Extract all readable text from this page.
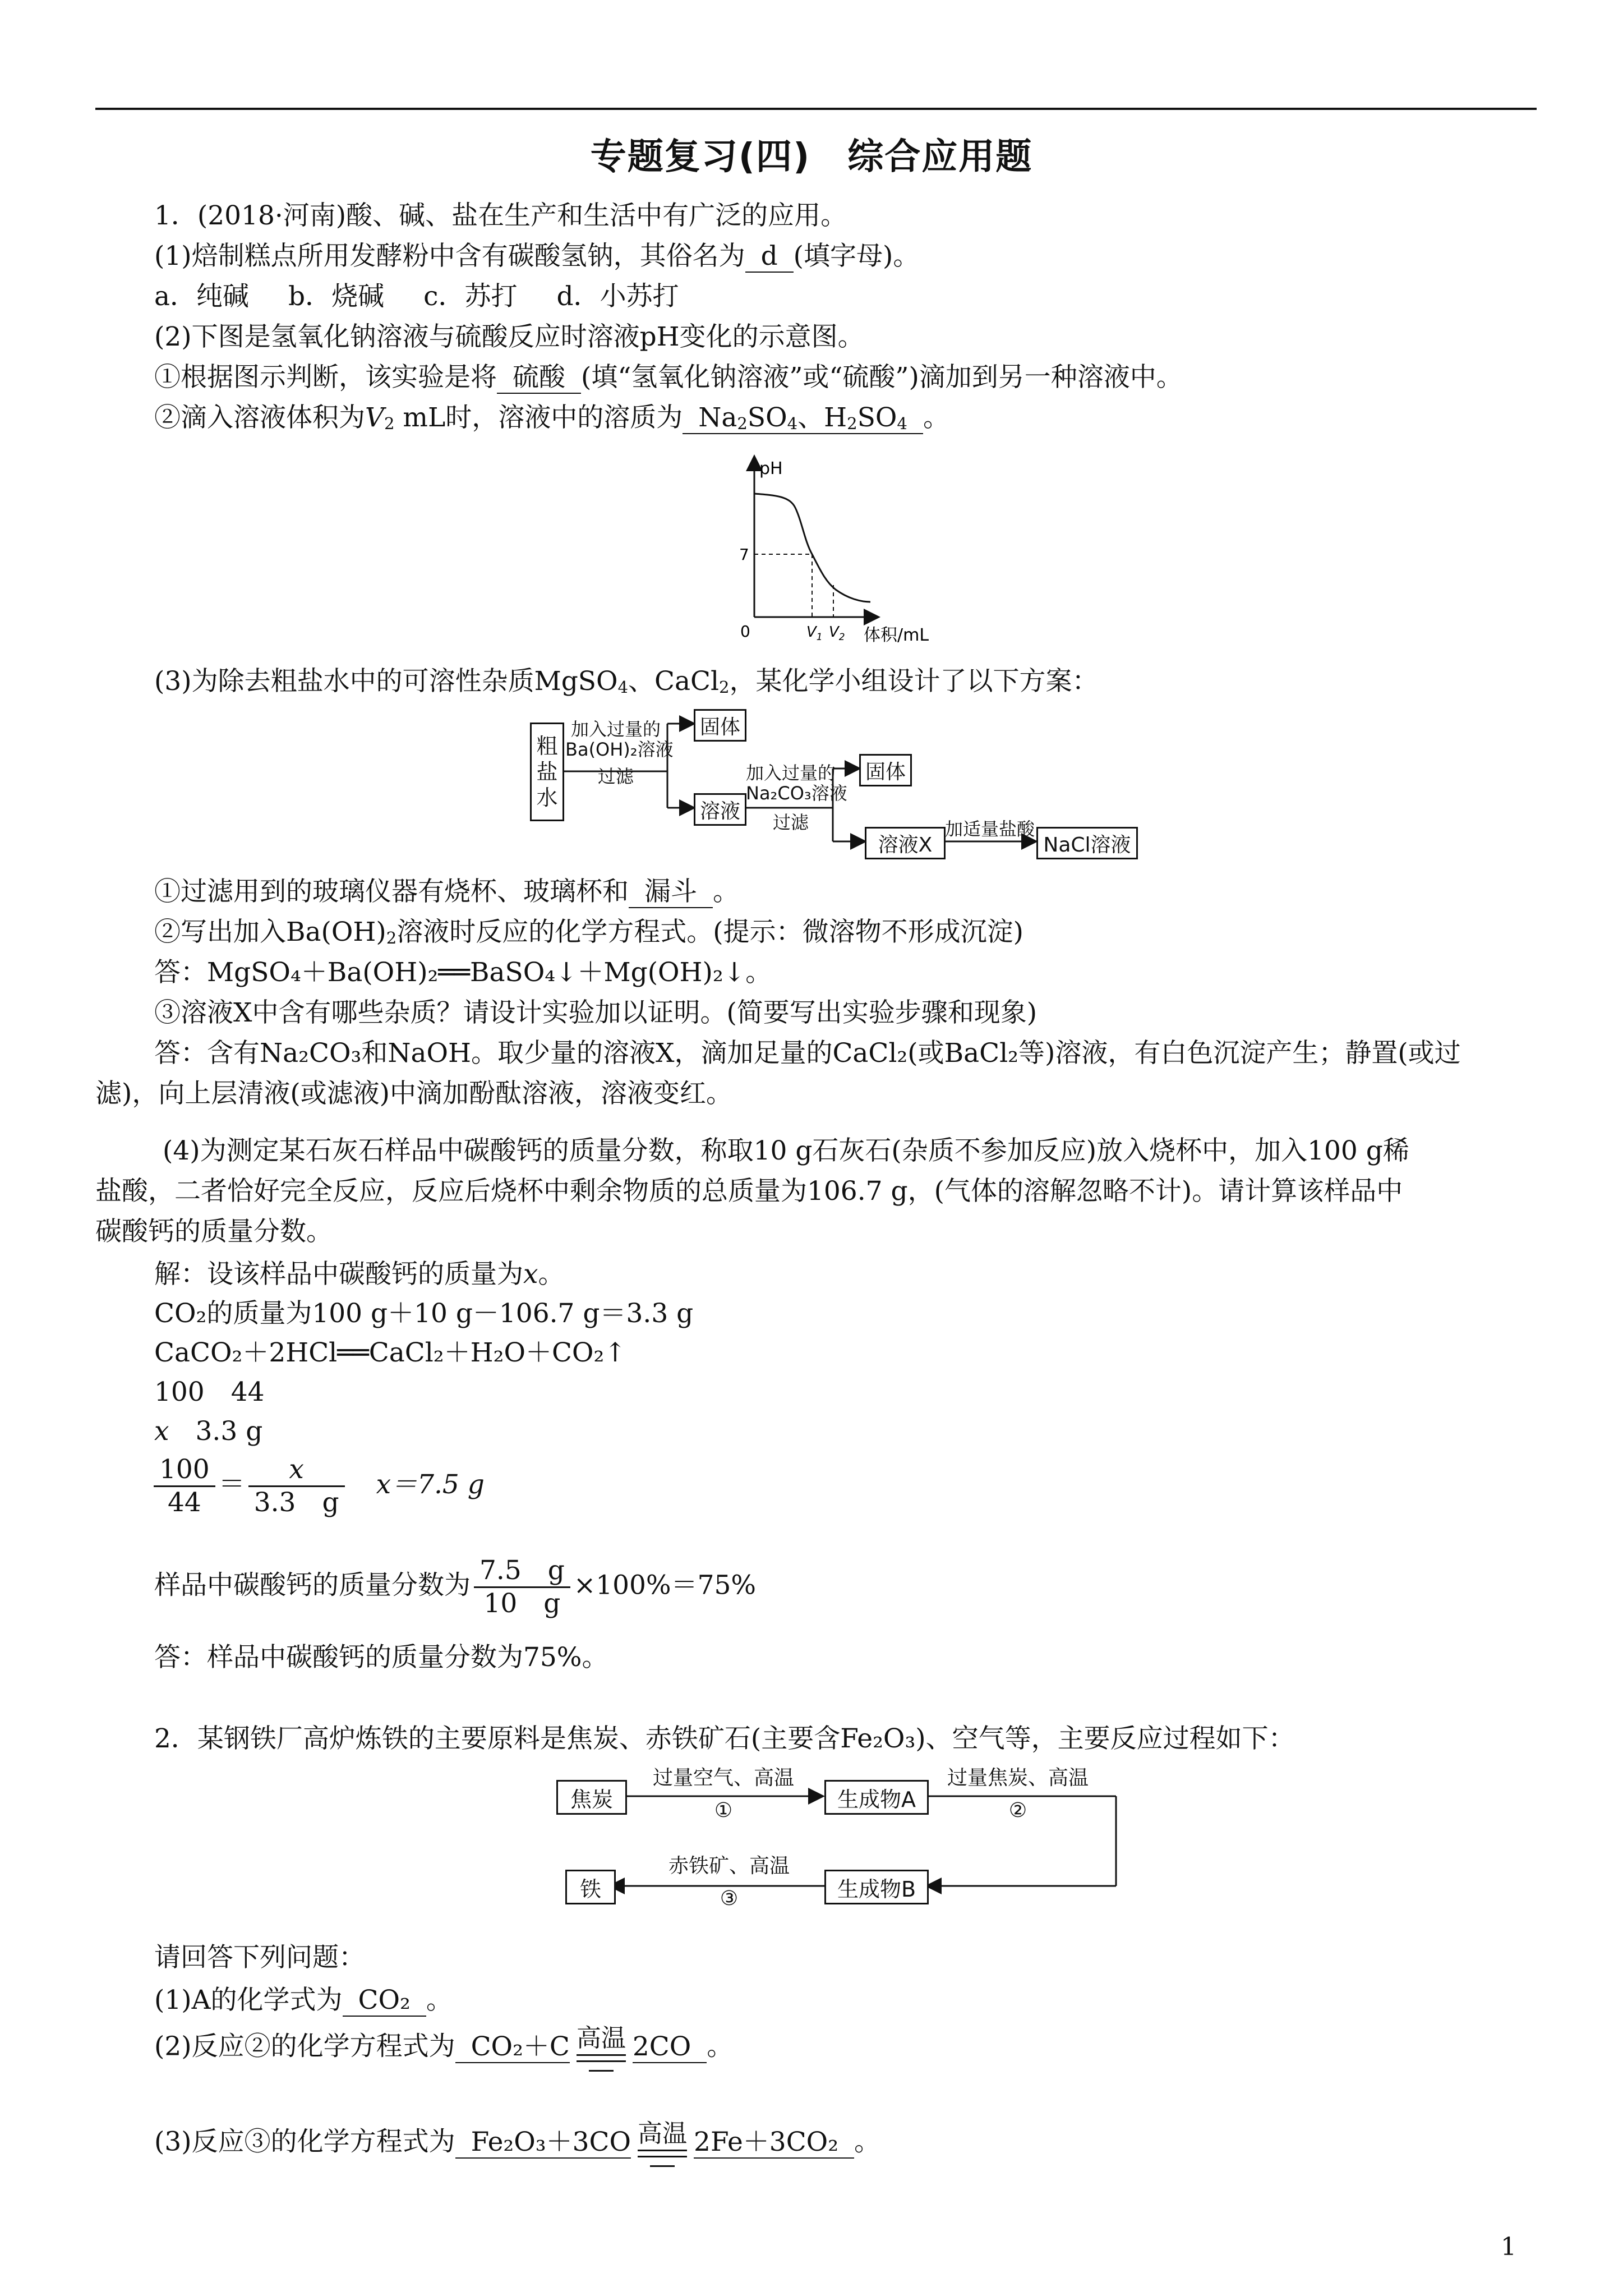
专题复习(四)　综合应用题
1．(2018·河南)酸、碱、盐在生产和生活中有广泛的应用。
(1)焙制糕点所用发酵粉中含有碳酸氢钠，其俗名为 d (填字母)。
a．纯碱 b．烧碱 c．苏打 d．小苏打
(2)下图是氢氧化钠溶液与硫酸反应时溶液pH变化的示意图。
①根据图示判断，该实验是将 硫酸 (填“氢氧化钠溶液”或“硫酸”)滴加到另一种溶液中。
②滴入溶液体积为$V_2$ mL时，溶液中的溶质为 $Na_2SO_4$、$H_2SO_4$ 。
pH
体积/mL
0
7
$V_1$ $V_2$
(3)为除去粗盐水中的可溶性杂质MgSO$_4$、CaCl$_2$，某化学小组设计了以下方案：
粗
盐
水
加入过量的
Ba(OH)₂溶液
过滤
固体
溶液
加入过量的
Na₂CO₃溶液
过滤
固体
溶液X
加适量盐酸
NaCl溶液
①过滤用到的玻璃仪器有烧杯、玻璃杯和 漏斗 。
②写出加入$Ba(OH)_2$溶液时反应的化学方程式。(提示：微溶物不形成沉淀)
答：MgSO₄＋Ba(OH)₂══BaSO₄↓＋Mg(OH)₂↓。
③溶液X中含有哪些杂质？请设计实验加以证明。(简要写出实验步骤和现象)
答：含有Na₂CO₃和NaOH。取少量的溶液X，滴加足量的CaCl₂(或BaCl₂等)溶液，有白色沉淀产生；静置(或过
滤)，向上层清液(或滤液)中滴加酚酞溶液，溶液变红。
(4)为测定某石灰石样品中碳酸钙的质量分数，称取10 g石灰石(杂质不参加反应)放入烧杯中，加入100 g稀
盐酸，二者恰好完全反应，反应后烧杯中剩余物质的总质量为106.7 g，(气体的溶解忽略不计)。请计算该样品中
碳酸钙的质量分数。
解：设该样品中碳酸钙的质量为x。
CO₂的质量为100 g＋10 g－106.7 g＝3.3 g
CaCO₂＋2HCl══CaCl₂＋H₂O＋CO₂↑
100　44
x　3.3 g
$\frac{100}{44} = \frac{x}{3.3 g} x=7.5$ g
样品中碳酸钙的质量分数为 $\frac{7.5 g}{10 g} \times 100\%=75\%$
答：样品中碳酸钙的质量分数为75%。
2．某钢铁厂高炉炼铁的主要原料是焦炭、赤铁矿石(主要含Fe₂O₃)、空气等，主要反应过程如下：
焦炭
过量空气、高温
①	生成物A
过量焦炭、高温
②
生成物B
赤铁矿、高温
③
铁
请回答下列问题：
(1)A的化学式为 CO₂ 。
(2)反应②的化学方程式为 CO₂＋C 高温 2CO 。
(3)反应③的化学方程式为 Fe₂O₃＋3CO 高温 2Fe＋3CO₂ 。
1
